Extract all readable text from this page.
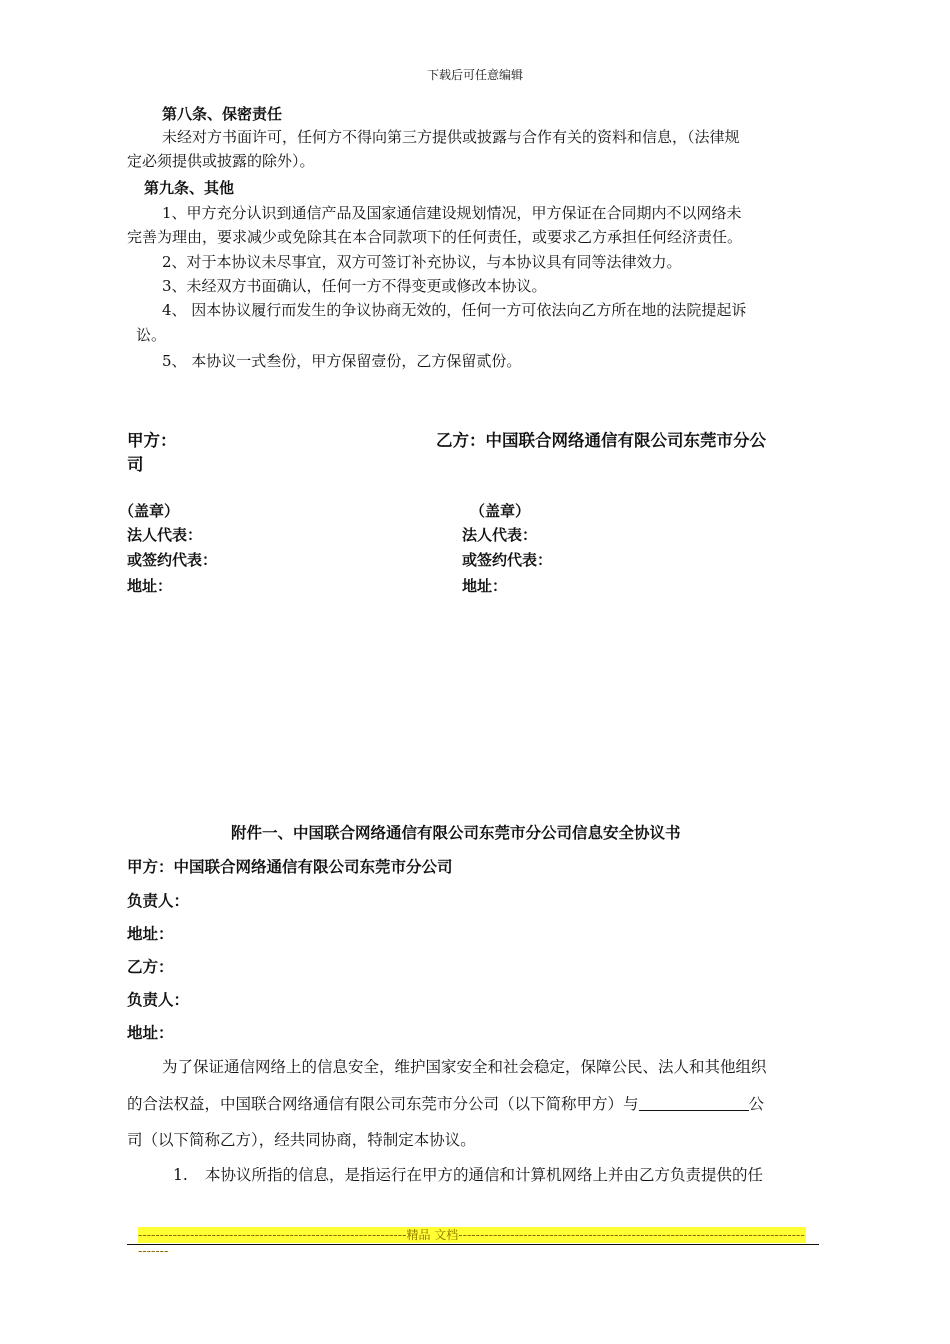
下载后可任意编辑
第八条、保密责任
未经对方书面许可，任何方不得向第三方提供或披露与合作有关的资料和信息，（法律规
定必须提供或披露的除外）。
第九条、其他
1、甲方充分认识到通信产品及国家通信建设规划情况，甲方保证在合同期内不以网络未
完善为理由，要求减少或免除其在本合同款项下的任何责任，或要求乙方承担任何经济责任。
2、对于本协议未尽事宜，双方可签订补充协议，与本协议具有同等法律效力。
3、未经双方书面确认，任何一方不得变更或修改本协议。
4、 因本协议履行而发生的争议协商无效的，任何一方可依法向乙方所在地的法院提起诉
讼。
5、 本协议一式叁份，甲方保留壹份，乙方保留贰份。
甲方：	乙方：中国联合网络通信有限公司东莞市分公
司
（盖章）	（盖章）
法人代表：	法人代表：
或签约代表：	或签约代表：
地址：	地址：
附件一、中国联合网络通信有限公司东莞市分公司信息安全协议书
甲方：中国联合网络通信有限公司东莞市分公司
负责人：
地址：
乙方：
负责人：
地址：
为了保证通信网络上的信息安全，维护国家安全和社会稳定，保障公民、法人和其他组织
的合法权益，中国联合网络通信有限公司东莞市分公司（以下简称甲方）与	公
司（以下简称乙方），经共同协商，特制定本协议。
1. 本协议所指的信息，是指运行在甲方的通信和计算机网络上并由乙方负责提供的任
--------------------------------------------------------------精品 文档---------------------------------------------------------------------------------------
